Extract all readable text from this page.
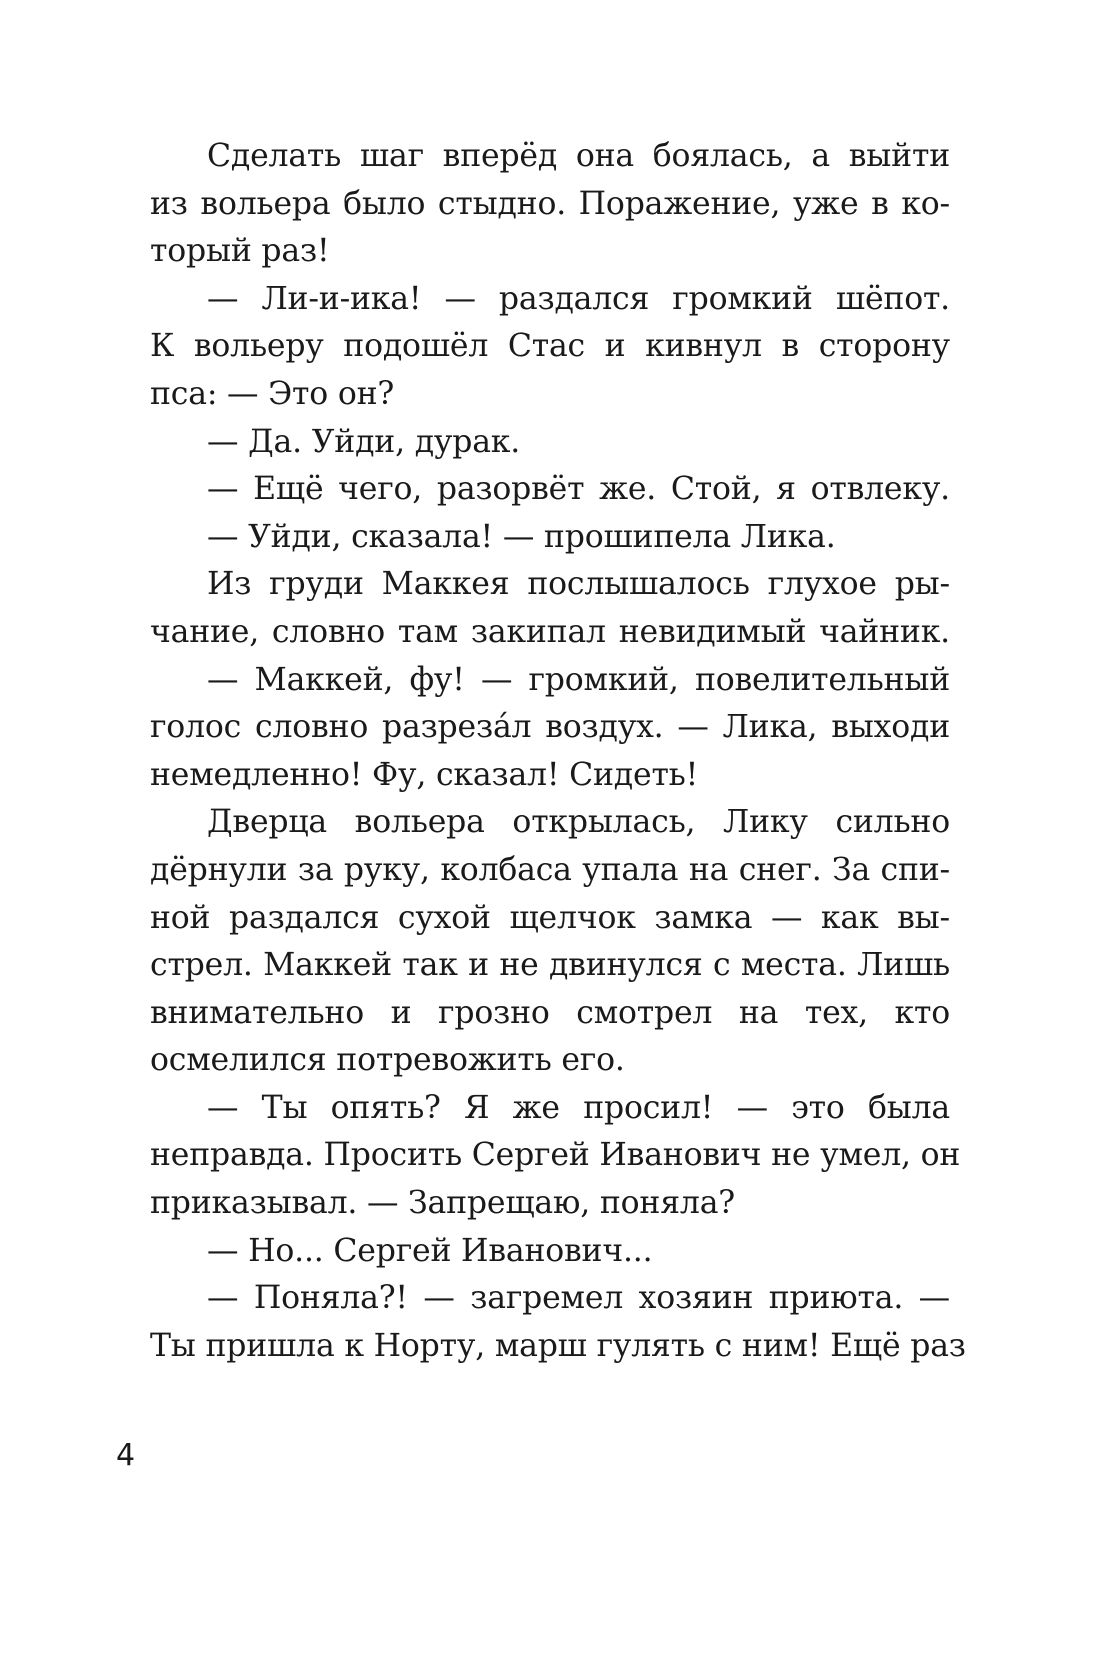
Сделать шаг вперёд она боялась, а выйти
из вольера было стыдно. Поражение, уже в ко-
торый раз!
— Ли-и-ика! — раздался громкий шёпот.
К вольеру подошёл Стас и кивнул в сторону
пса: — Это он?
— Да. Уйди, дурак.
— Ещё чего, разорвёт же. Стой, я отвлеку.
— Уйди, сказала! — прошипела Лика.
Из груди Маккея послышалось глухое ры-
чание, словно там закипал невидимый чайник.
— Маккей, фу! — громкий, повелительный
голос словно разреза́л воздух. — Лика, выходи
немедленно! Фу, сказал! Сидеть!
Дверца вольера открылась, Лику сильно
дёрнули за руку, колбаса упала на снег. За спи-
ной раздался сухой щелчок замка — как вы-
стрел. Маккей так и не двинулся с места. Лишь
внимательно и грозно смотрел на тех, кто
осмелился потревожить его.
— Ты опять? Я же просил! — это была
неправда. Просить Сергей Иванович не умел, он
приказывал. — Запрещаю, поняла?
— Но... Сергей Иванович...
— Поняла?! — загремел хозяин приюта. —
Ты пришла к Норту, марш гулять с ним! Ещё раз
4
